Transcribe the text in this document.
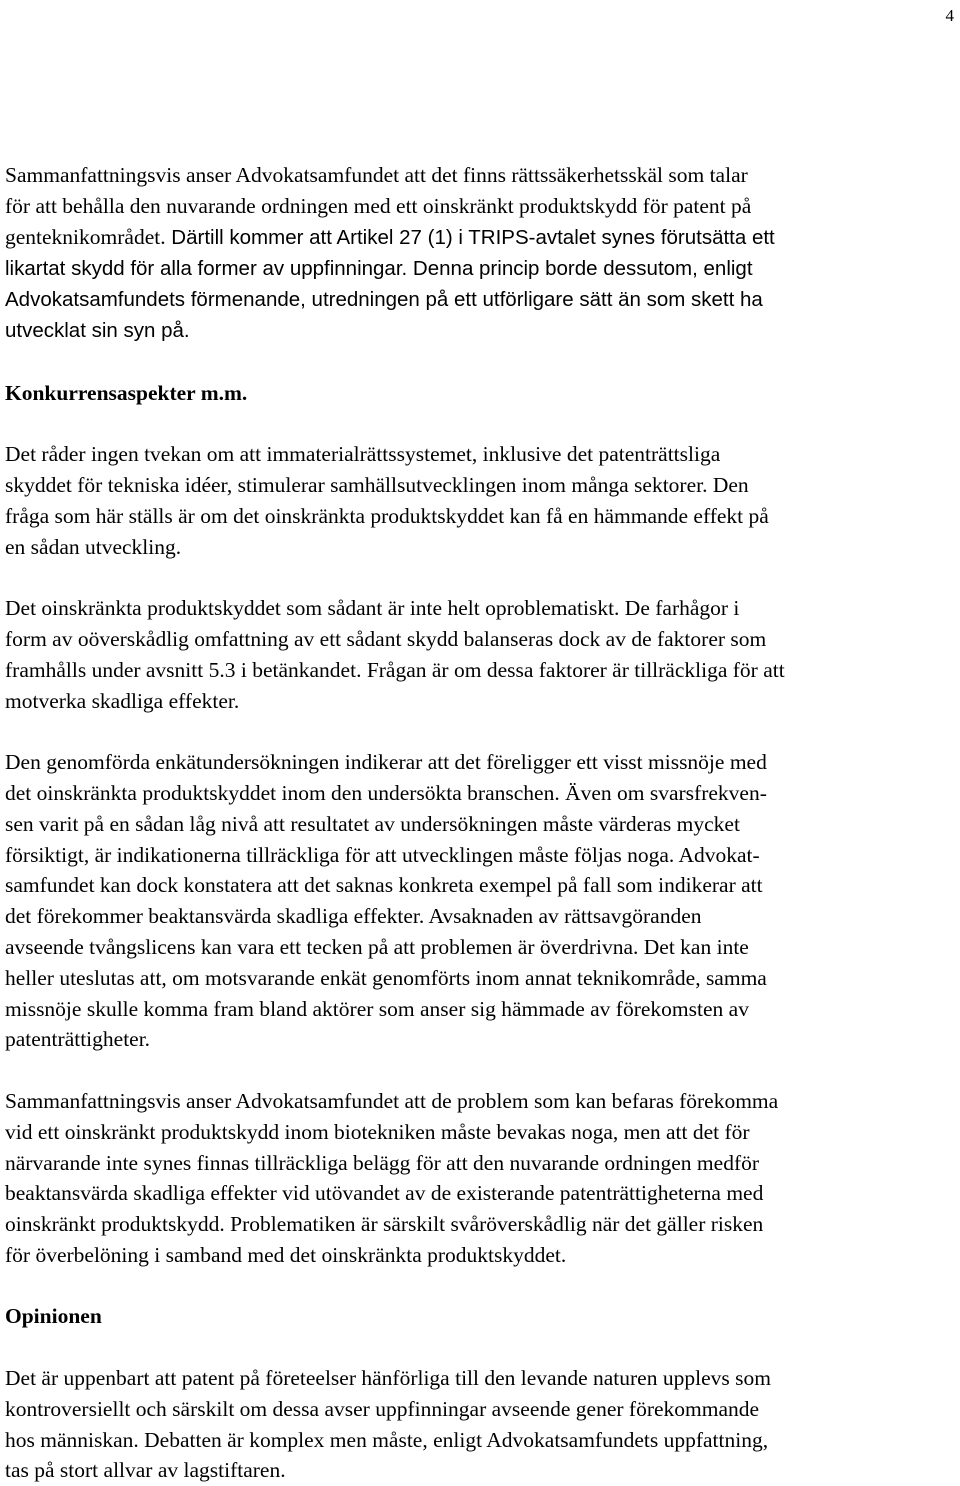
4

Sammanfattningsvis anser Advokatsamfundet att det finns rättssäkerhetsskäl som talar
för att behålla den nuvarande ordningen med ett oinskränkt produktskydd för patent på
genteknikområdet. Därtill kommer att Artikel 27 (1) i TRIPS-avtalet synes förutsätta ett
likartat skydd för alla former av uppfinningar. Denna princip borde dessutom, enligt
Advokatsamfundets förmenande, utredningen på ett utförligare sätt än som skett ha
utvecklat sin syn på.

Konkurrensaspekter m.m.

Det råder ingen tvekan om att immaterialrättssystemet, inklusive det patenträttsliga
skyddet för tekniska idéer, stimulerar samhällsutvecklingen inom många sektorer. Den
fråga som här ställs är om det oinskränkta produktskyddet kan få en hämmande effekt på
en sådan utveckling.

Det oinskränkta produktskyddet som sådant är inte helt oproblematiskt. De farhågor i
form av oöverskådlig omfattning av ett sådant skydd balanseras dock av de faktorer som
framhålls under avsnitt 5.3 i betänkandet. Frågan är om dessa faktorer är tillräckliga för att
motverka skadliga effekter.

Den genomförda enkätundersökningen indikerar att det föreligger ett visst missnöje med
det oinskränkta produktskyddet inom den undersökta branschen. Även om svarsfrekven-
sen varit på en sådan låg nivå att resultatet av undersökningen måste värderas mycket
försiktigt, är indikationerna tillräckliga för att utvecklingen måste följas noga. Advokat-
samfundet kan dock konstatera att det saknas konkreta exempel på fall som indikerar att
det förekommer beaktansvärda skadliga effekter. Avsaknaden av rättsavgöranden
avseende tvångslicens kan vara ett tecken på att problemen är överdrivna. Det kan inte
heller uteslutas att, om motsvarande enkät genomförts inom annat teknikområde, samma
missnöje skulle komma fram bland aktörer som anser sig hämmade av förekomsten av
patenträttigheter.

Sammanfattningsvis anser Advokatsamfundet att de problem som kan befaras förekomma
vid ett oinskränkt produktskydd inom biotekniken måste bevakas noga, men att det för
närvarande inte synes finnas tillräckliga belägg för att den nuvarande ordningen medför
beaktansvärda skadliga effekter vid utövandet av de existerande patenträttigheterna med
oinskränkt produktskydd. Problematiken är särskilt svåröverskådlig när det gäller risken
för överbelöning i samband med det oinskränkta produktskyddet.

Opinionen

Det är uppenbart att patent på företeelser hänförliga till den levande naturen upplevs som
kontroversiellt och särskilt om dessa avser uppfinningar avseende gener förekommande
hos människan. Debatten är komplex men måste, enligt Advokatsamfundets uppfattning,
tas på stort allvar av lagstiftaren.
